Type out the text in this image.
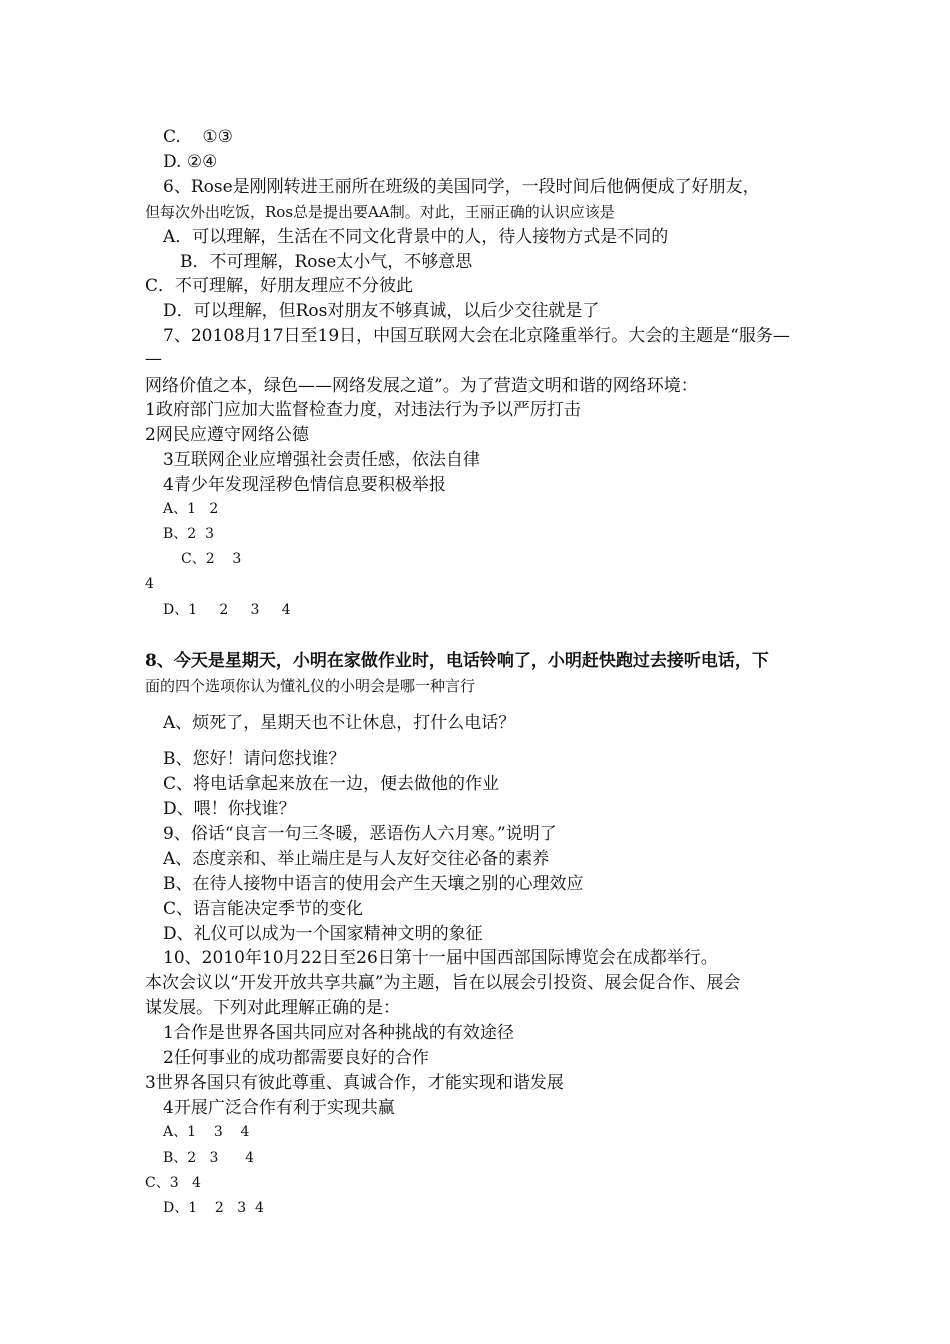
C.    ①③
D. ②④
6、Rose是刚刚转进王丽所在班级的美国同学，一段时间后他俩便成了好朋友，
但每次外出吃饭，Ros总是提出要AA制。对此，王丽正确的认识应该是
A．可以理解，生活在不同文化背景中的人，待人接物方式是不同的
B．不可理解，Rose太小气，不够意思
C．不可理解，好朋友理应不分彼此
D．可以理解，但Ros对朋友不够真诚，以后少交往就是了
7、20108月17日至19日，中国互联网大会在北京隆重举行。大会的主题是“服务—
—
网络价值之本，绿色——网络发展之道”。为了营造文明和谐的网络环境：
1政府部门应加大监督检查力度，对违法行为予以严厉打击
2网民应遵守网络公德
3互联网企业应增强社会责任感，依法自律
4青少年发现淫秽色情信息要积极举报
A、1   2
B、2  3
C、2    3
4
D、1     2     3     4
8、今天是星期天，小明在家做作业时，电话铃响了，小明赶快跑过去接听电话，下
面的四个选项你认为懂礼仪的小明会是哪一种言行
A、烦死了，星期天也不让休息，打什么电话？
B、您好！请问您找谁？
C、将电话拿起来放在一边，便去做他的作业
D、喂！你找谁？
9、俗话“良言一句三冬暖，恶语伤人六月寒。”说明了
A、态度亲和、举止端庄是与人友好交往必备的素养
B、在待人接物中语言的使用会产生天壤之别的心理效应
C、语言能决定季节的变化
D、礼仪可以成为一个国家精神文明的象征
10、2010年10月22日至26日第十一届中国西部国际博览会在成都举行。
本次会议以“开发开放共享共赢”为主题，旨在以展会引投资、展会促合作、展会
谋发展。下列对此理解正确的是：
1合作是世界各国共同应对各种挑战的有效途径
2任何事业的成功都需要良好的合作
3世界各国只有彼此尊重、真诚合作，才能实现和谐发展
4开展广泛合作有利于实现共赢
A、1    3    4
B、2   3      4
C、3   4
D、1    2   3  4
